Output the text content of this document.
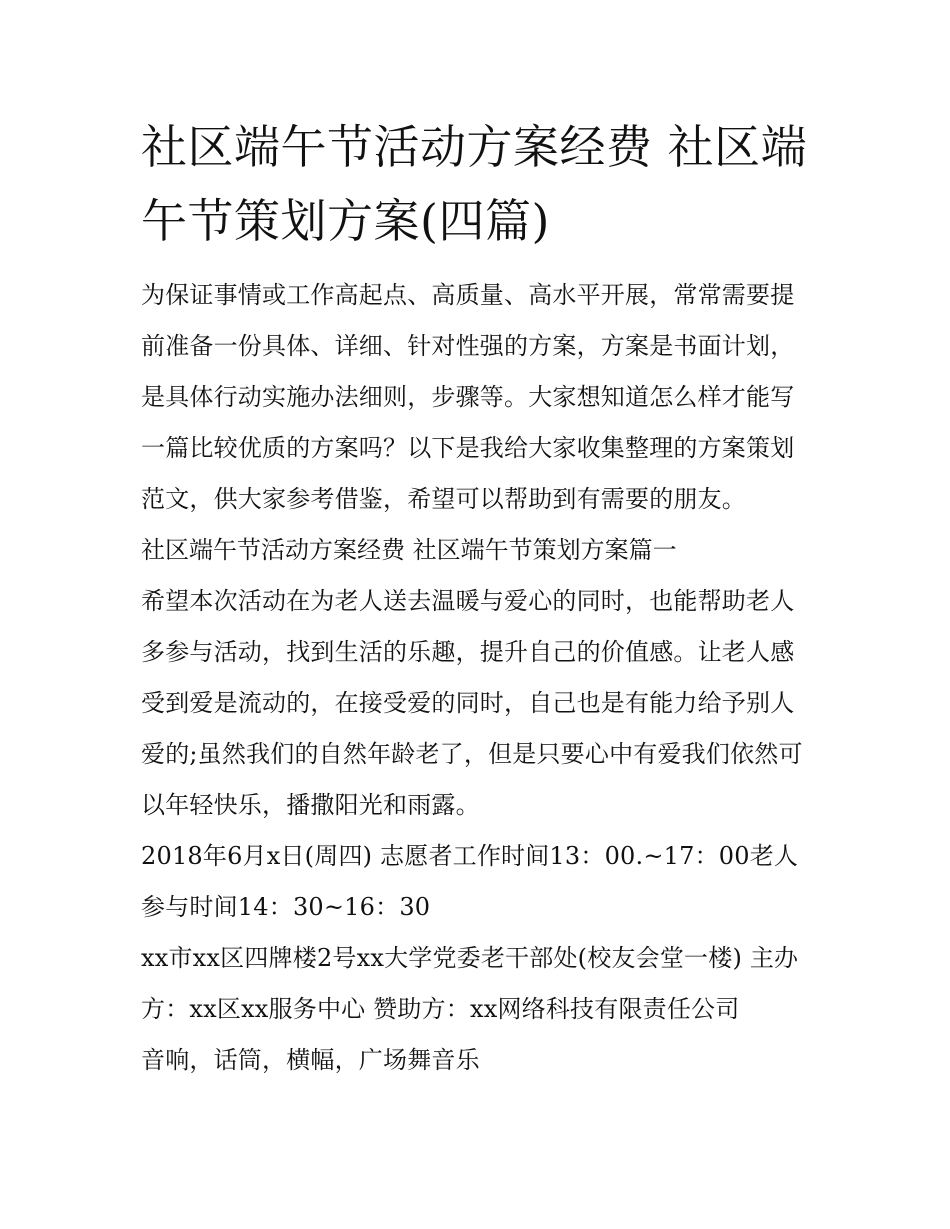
社区端午节活动方案经费 社区端午节策划方案(四篇)

为保证事情或工作高起点、高质量、高水平开展，常常需要提前准备一份具体、详细、针对性强的方案，方案是书面计划，是具体行动实施办法细则，步骤等。大家想知道怎么样才能写一篇比较优质的方案吗？以下是我给大家收集整理的方案策划范文，供大家参考借鉴，希望可以帮助到有需要的朋友。

社区端午节活动方案经费 社区端午节策划方案篇一

希望本次活动在为老人送去温暖与爱心的同时，也能帮助老人多参与活动，找到生活的乐趣，提升自己的价值感。让老人感受到爱是流动的，在接受爱的同时，自己也是有能力给予别人爱的;虽然我们的自然年龄老了，但是只要心中有爱我们依然可以年轻快乐，播撒阳光和雨露。

2018年6月x日(周四) 志愿者工作时间13：00.~17：00老人参与时间14：30~16：30

xx市xx区四牌楼2号xx大学党委老干部处(校友会堂一楼) 主办方：xx区xx服务中心 赞助方：xx网络科技有限责任公司

音响，话筒，横幅，广场舞音乐
